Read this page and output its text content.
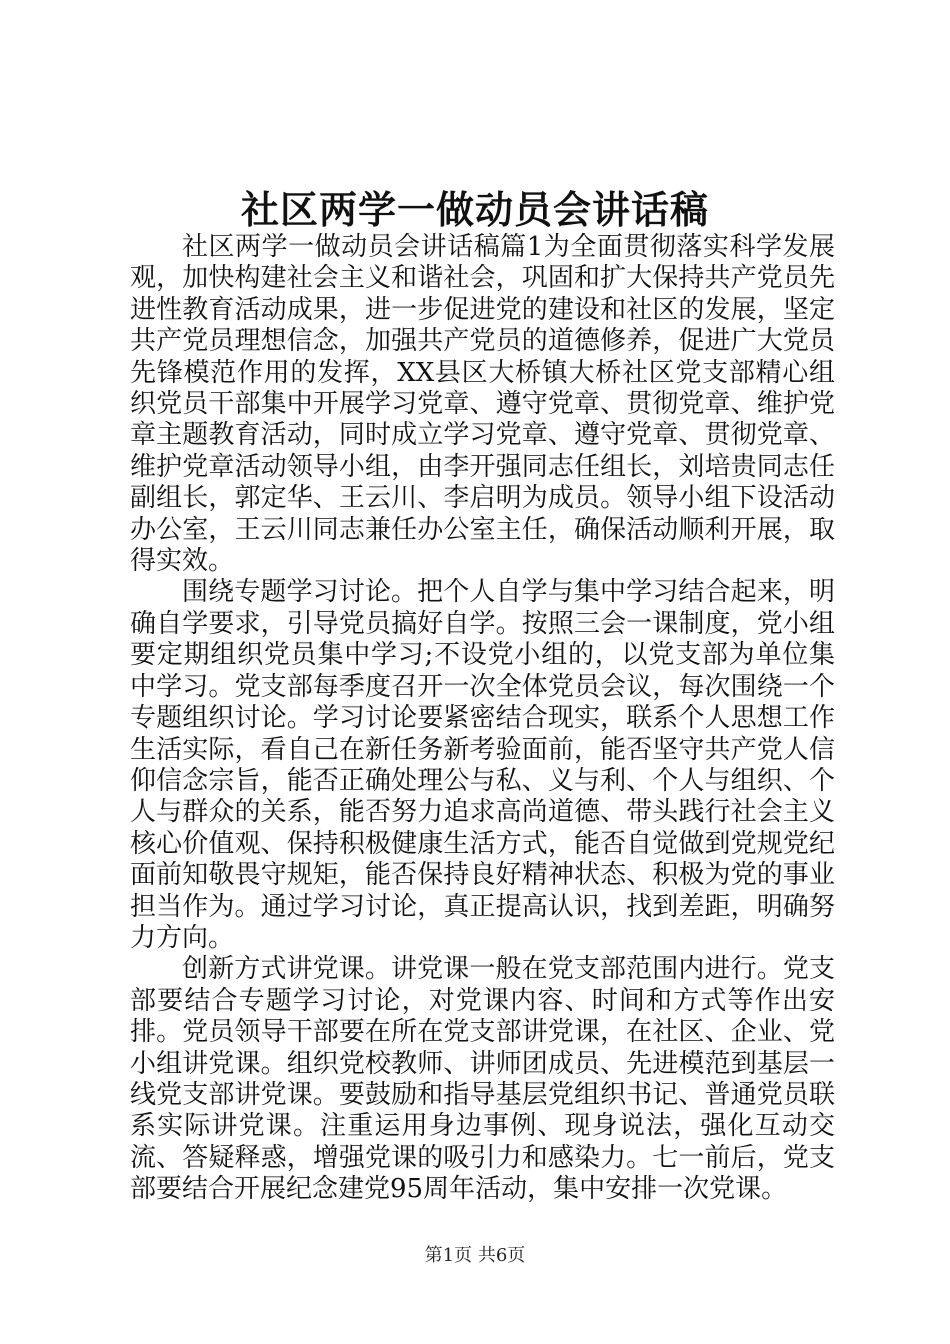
社区两学一做动员会讲话稿

社区两学一做动员会讲话稿篇1为全面贯彻落实科学发展观，加快构建社会主义和谐社会，巩固和扩大保持共产党员先进性教育活动成果，进一步促进党的建设和社区的发展，坚定共产党员理想信念，加强共产党员的道德修养，促进广大党员先锋模范作用的发挥，XX县区大桥镇大桥社区党支部精心组织党员干部集中开展学习党章、遵守党章、贯彻党章、维护党章主题教育活动，同时成立学习党章、遵守党章、贯彻党章、维护党章活动领导小组，由李开强同志任组长，刘培贵同志任副组长，郭定华、王云川、李启明为成员。领导小组下设活动办公室，王云川同志兼任办公室主任，确保活动顺利开展，取得实效。

围绕专题学习讨论。把个人自学与集中学习结合起来，明确自学要求，引导党员搞好自学。按照三会一课制度，党小组要定期组织党员集中学习;不设党小组的，以党支部为单位集中学习。党支部每季度召开一次全体党员会议，每次围绕一个专题组织讨论。学习讨论要紧密结合现实，联系个人思想工作生活实际，看自己在新任务新考验面前，能否坚守共产党人信仰信念宗旨，能否正确处理公与私、义与利、个人与组织、个人与群众的关系，能否努力追求高尚道德、带头践行社会主义核心价值观、保持积极健康生活方式，能否自觉做到党规党纪面前知敬畏守规矩，能否保持良好精神状态、积极为党的事业担当作为。通过学习讨论，真正提高认识，找到差距，明确努力方向。

创新方式讲党课。讲党课一般在党支部范围内进行。党支部要结合专题学习讨论，对党课内容、时间和方式等作出安排。党员领导干部要在所在党支部讲党课，在社区、企业、党小组讲党课。组织党校教师、讲师团成员、先进模范到基层一线党支部讲党课。要鼓励和指导基层党组织书记、普通党员联系实际讲党课。注重运用身边事例、现身说法，强化互动交流、答疑释惑，增强党课的吸引力和感染力。七一前后，党支部要结合开展纪念建党95周年活动，集中安排一次党课。

第1页 共6页
